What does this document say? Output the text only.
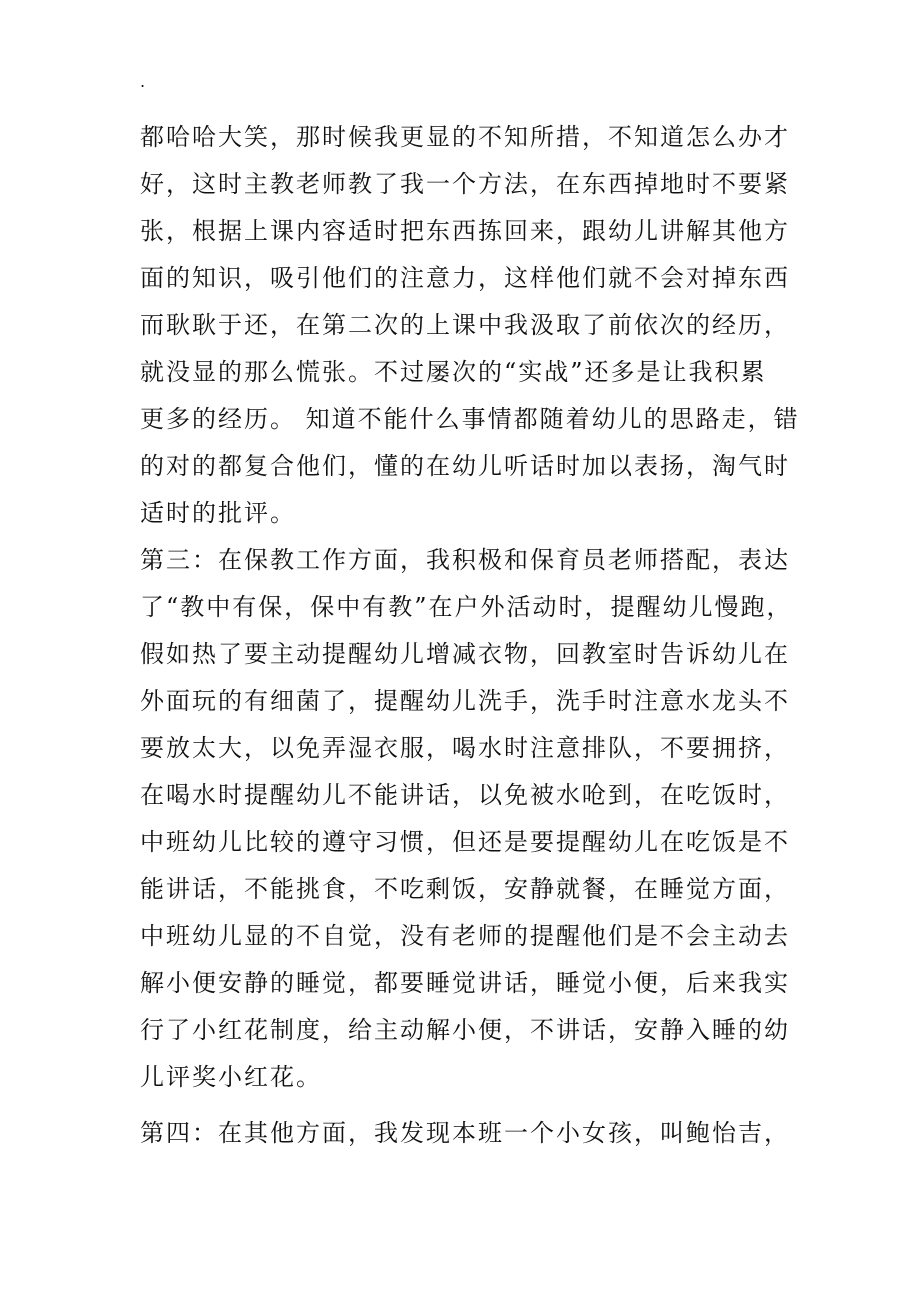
.
都哈哈大笑，那时候我更显的不知所措，不知道怎么办才
好，这时主教老师教了我一个方法，在东西掉地时不要紧
张，根据上课内容适时把东西拣回来，跟幼儿讲解其他方
面的知识，吸引他们的注意力，这样他们就不会对掉东西
而耿耿于还，在第二次的上课中我汲取了前依次的经历，
就没显的那么慌张。不过屡次的“实战”还多是让我积累
更多的经历。 知道不能什么事情都随着幼儿的思路走，错
的对的都复合他们，懂的在幼儿听话时加以表扬，淘气时
适时的批评。
第三：在保教工作方面，我积极和保育员老师搭配，表达
了“教中有保，保中有教”在户外活动时，提醒幼儿慢跑，
假如热了要主动提醒幼儿增减衣物，回教室时告诉幼儿在
外面玩的有细菌了，提醒幼儿洗手，洗手时注意水龙头不
要放太大，以免弄湿衣服，喝水时注意排队，不要拥挤，
在喝水时提醒幼儿不能讲话，以免被水呛到，在吃饭时，
中班幼儿比较的遵守习惯，但还是要提醒幼儿在吃饭是不
能讲话，不能挑食，不吃剩饭，安静就餐，在睡觉方面，
中班幼儿显的不自觉，没有老师的提醒他们是不会主动去
解小便安静的睡觉，都要睡觉讲话，睡觉小便，后来我实
行了小红花制度，给主动解小便，不讲话，安静入睡的幼
儿评奖小红花。
第四：在其他方面，我发现本班一个小女孩，叫鲍怡吉，
